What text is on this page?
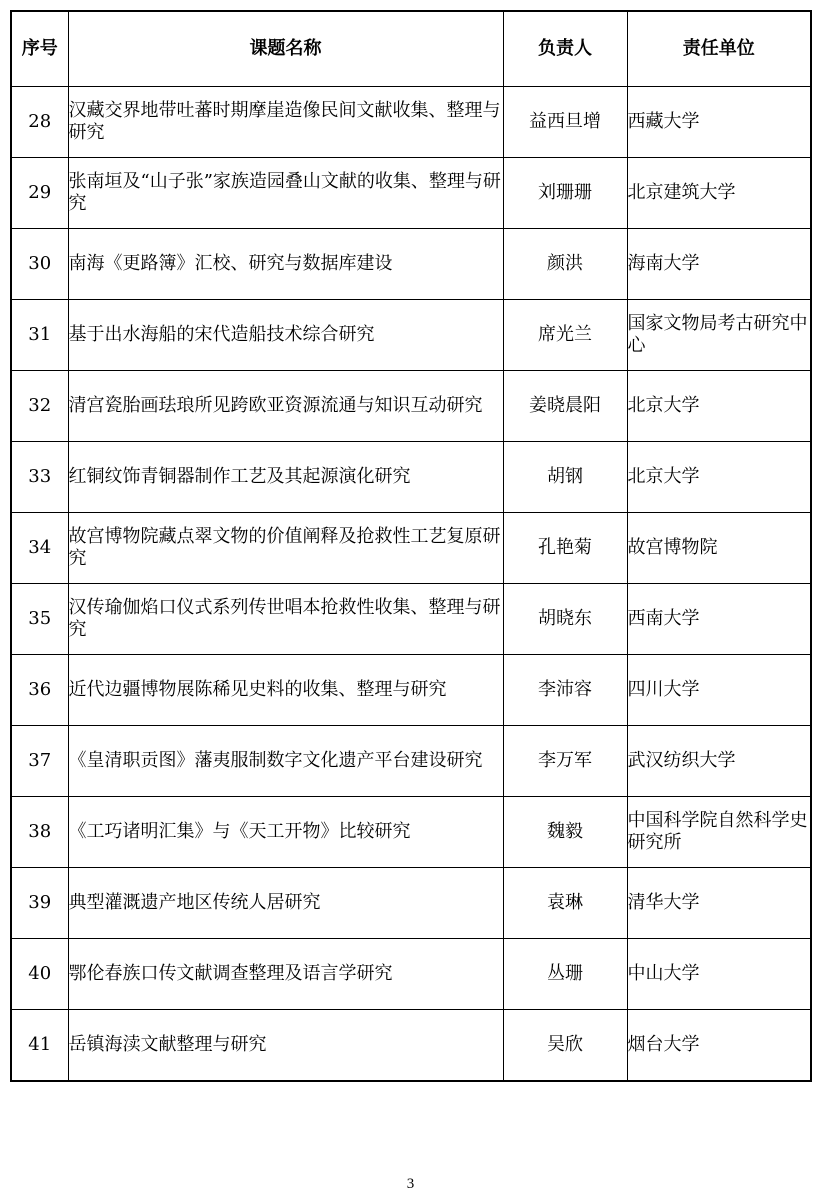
序号	课题名称	负责人	责任单位
28	汉藏交界地带吐蕃时期摩崖造像民间文献收集、整理与研究	益西旦增	西藏大学
29	张南垣及“山子张”家族造园叠山文献的收集、整理与研究	刘珊珊	北京建筑大学
30	南海《更路簿》汇校、研究与数据库建设	颜洪	海南大学
31	基于出水海船的宋代造船技术综合研究	席光兰	国家文物局考古研究中心
32	清宫瓷胎画珐琅所见跨欧亚资源流通与知识互动研究	姜晓晨阳	北京大学
33	红铜纹饰青铜器制作工艺及其起源演化研究	胡钢	北京大学
34	故宫博物院藏点翠文物的价值阐释及抢救性工艺复原研究	孔艳菊	故宫博物院
35	汉传瑜伽焰口仪式系列传世唱本抢救性收集、整理与研究	胡晓东	西南大学
36	近代边疆博物展陈稀见史料的收集、整理与研究	李沛容	四川大学
37	《皇清职贡图》藩夷服制数字文化遗产平台建设研究	李万军	武汉纺织大学
38	《工巧诸明汇集》与《天工开物》比较研究	魏毅	中国科学院自然科学史研究所
39	典型灌溉遗产地区传统人居研究	袁琳	清华大学
40	鄂伦春族口传文献调查整理及语言学研究	丛珊	中山大学
41	岳镇海渎文献整理与研究	吴欣	烟台大学
3
